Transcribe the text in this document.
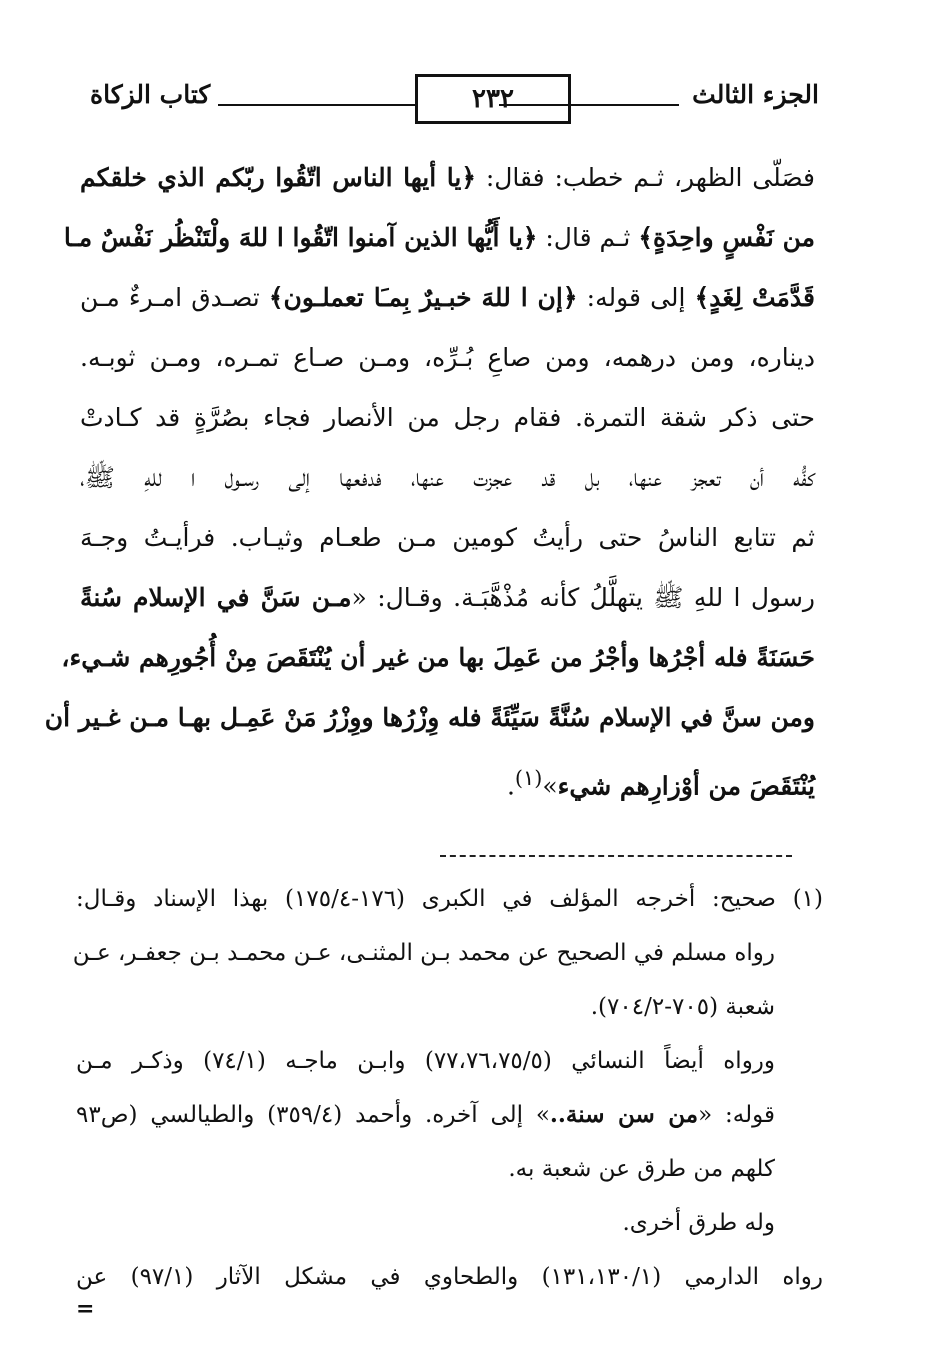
الجزء الثالث
٢٣٢
كتاب الزكاة
فصَلّى الظهر، ثـم خطب: فقال: ﴿يا أيها الناس اتّقُوا ربّكم الذي خلقكم
من نَفْسٍ واحِدَةٍ﴾ ثـم قال: ﴿يا أَيُّها الذين آمنوا اتّقُوا ا للهَ ولْتَنْظُر نَفْسٌ مـا
قَدَّمَتْ لِغَدٍ﴾ إلى قوله: ﴿إن ا للهَ خبـيرٌ بِمـَا تعملـون﴾ تصـدق امـرءٌ مـن
ديناره، ومن درهمه، ومن صاعِ بُـرِّه، ومـن صـاع تمـره، ومـن ثوبـه.
حتى ذكر شقة التمرة. فقام رجل من الأنصار فجاء بصُرَّةٍ قد كـادتْ
كفُّه أن تعجز عنها، بل قد عجزت عنها، فدفعها إلى رسـول ا للهِ ﷺ،
ثم تتابع الناسُ حتى رأيتُ كومين مـن طعـام وثيـاب. فرأيـتُ وجـهَ
رسول ا للهِ ﷺ يتهلَّلُ كأنه مُذْهَّبَـة. وقـال: «مـن سَنَّ في الإسلام سُنةً
حَسَنَةً فله أجْرُها وأجْرُ من عَمِلَ بها من غير أن يُنْتَقَصَ مِنْ أُجُورِهم شـيء،
ومن سنَّ في الإسلام سُنَّةً سَيِّئَةً فله وِزْرُها ووِزْرُ مَنْ عَمِـل بهـا مـن غـير أن
يُنْتَقَصَ من أوْزارِهم شيء»$^{(١)}$.
(١) صحيح: أخرجه المؤلف في الكبرى (١٧٦-١٧٥/٤) بهذا الإسناد وقـال:
رواه مسلم في الصحيح عن محمد بـن المثنـى، عـن محمـد بـن جعفـر، عـن
شعبة (٧٠٥-٧٠٤/٢).
ورواه أيضاً النسائي (٧٧،٧٦،٧٥/٥) وابـن ماجـه (٧٤/١) وذكـر مـن
قوله: «من سن سنة..» إلى آخره. وأحمد (٣٥٩/٤) والطيالسي (ص٩٣
كلهم من طرق عن شعبة به.
وله طرق أخرى.
رواه الدارمي (١٣١،١٣٠/١) والطحاوي في مشكل الآثار (٩٧/١) عن
=
